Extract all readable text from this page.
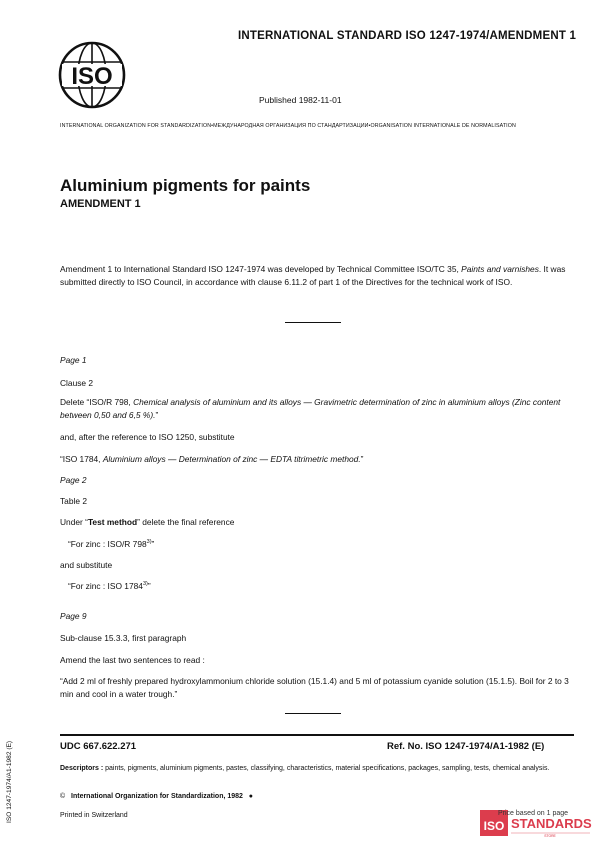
INTERNATIONAL STANDARD ISO 1247-1974/AMENDMENT 1
ISO
Published 1982-11-01
INTERNATIONAL ORGANIZATION FOR STANDARDIZATION•МЕЖДУНАРОДНАЯ ОРГАНИЗАЦИЯ ПО СТАНДАРТИЗАЦИИ•ORGANISATION INTERNATIONALE DE NORMALISATION
Aluminium pigments for paints
AMENDMENT 1
Amendment 1 to International Standard ISO 1247-1974 was developed by Technical Committee ISO/TC 35, Paints and varnishes. It was submitted directly to ISO Council, in accordance with clause 6.11.2 of part 1 of the Directives for the technical work of ISO.
Page 1
Clause 2
Delete “ISO/R 798, Chemical analysis of aluminium and its alloys — Gravimetric determination of zinc in aluminium alloys (Zinc content between 0,50 and 6,5 %).”
and, after the reference to ISO 1250, substitute
“ISO 1784, Aluminium alloys — Determination of zinc — EDTA titrimetric method.”
Page 2
Table 2
Under “Test method” delete the final reference
“For zinc : ISO/R 798$^{3)}$”
and substitute
“For zinc : ISO 1784$^{3)}$”
Page 9
Sub-clause 15.3.3, first paragraph
Amend the last two sentences to read :
“Add 2 ml of freshly prepared hydroxylammonium chloride solution (15.1.4) and 5 ml of potassium cyanide solution (15.1.5). Boil for 2 to 3 min and cool in a water trough.”
UDC 667.622.271	Ref. No. ISO 1247-1974/A1-1982 (E)
Descriptors : paints, pigments, aluminium pigments, pastes, classifying, characteristics, material specifications, packages, sampling, tests, chemical analysis.
© International Organization for Standardization, 1982 ●
Printed in Switzerland
ISO 1247-1974/A1-1982 (E)
ISO STANDARDS
STORE
Price based on 1 page
